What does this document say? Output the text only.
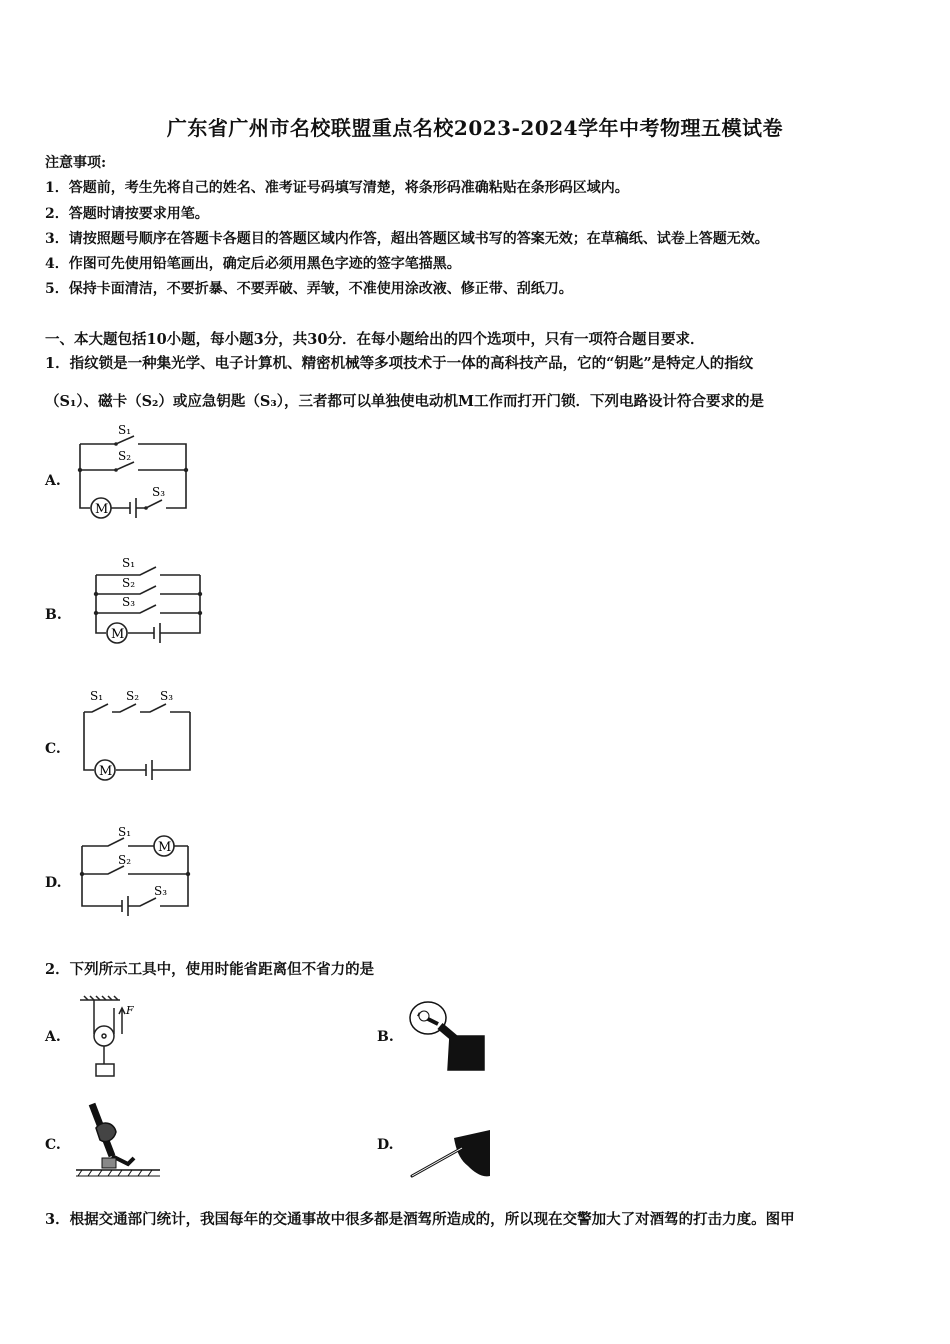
广东省广州市名校联盟重点名校2023-2024学年中考物理五模试卷
注意事项:
1．答题前，考生先将自己的姓名、准考证号码填写清楚，将条形码准确粘贴在条形码区域内。
2．答题时请按要求用笔。
3．请按照题号顺序在答题卡各题目的答题区域内作答，超出答题区域书写的答案无效；在草稿纸、试卷上答题无效。
4．作图可先使用铅笔画出，确定后必须用黑色字迹的签字笔描黑。
5．保持卡面清洁，不要折暴、不要弄破、弄皱，不准使用涂改液、修正带、刮纸刀。
一、本大题包括10小题，每小题3分，共30分．在每小题给出的四个选项中，只有一项符合题目要求．
1．指纹锁是一种集光学、电子计算机、精密机械等多项技术于一体的高科技产品，它的“钥匙”是特定人的指纹
（S₁）、磁卡（S₂）或应急钥匙（S₃），三者都可以单独使电动机M工作而打开门锁．下列电路设计符合要求的是
A.
S₁
S₂
S₃
M
B.
S₁
S₂
S₃
M
C.
S₁ S₂ S₃
M
D.
S₁
S₂
S₃
M
2．下列所示工具中，使用时能省距离但不省力的是
A.
F
B.
C.	D.
3．根据交通部门统计，我国每年的交通事故中很多都是酒驾所造成的，所以现在交警加大了对酒驾的打击力度。图甲
